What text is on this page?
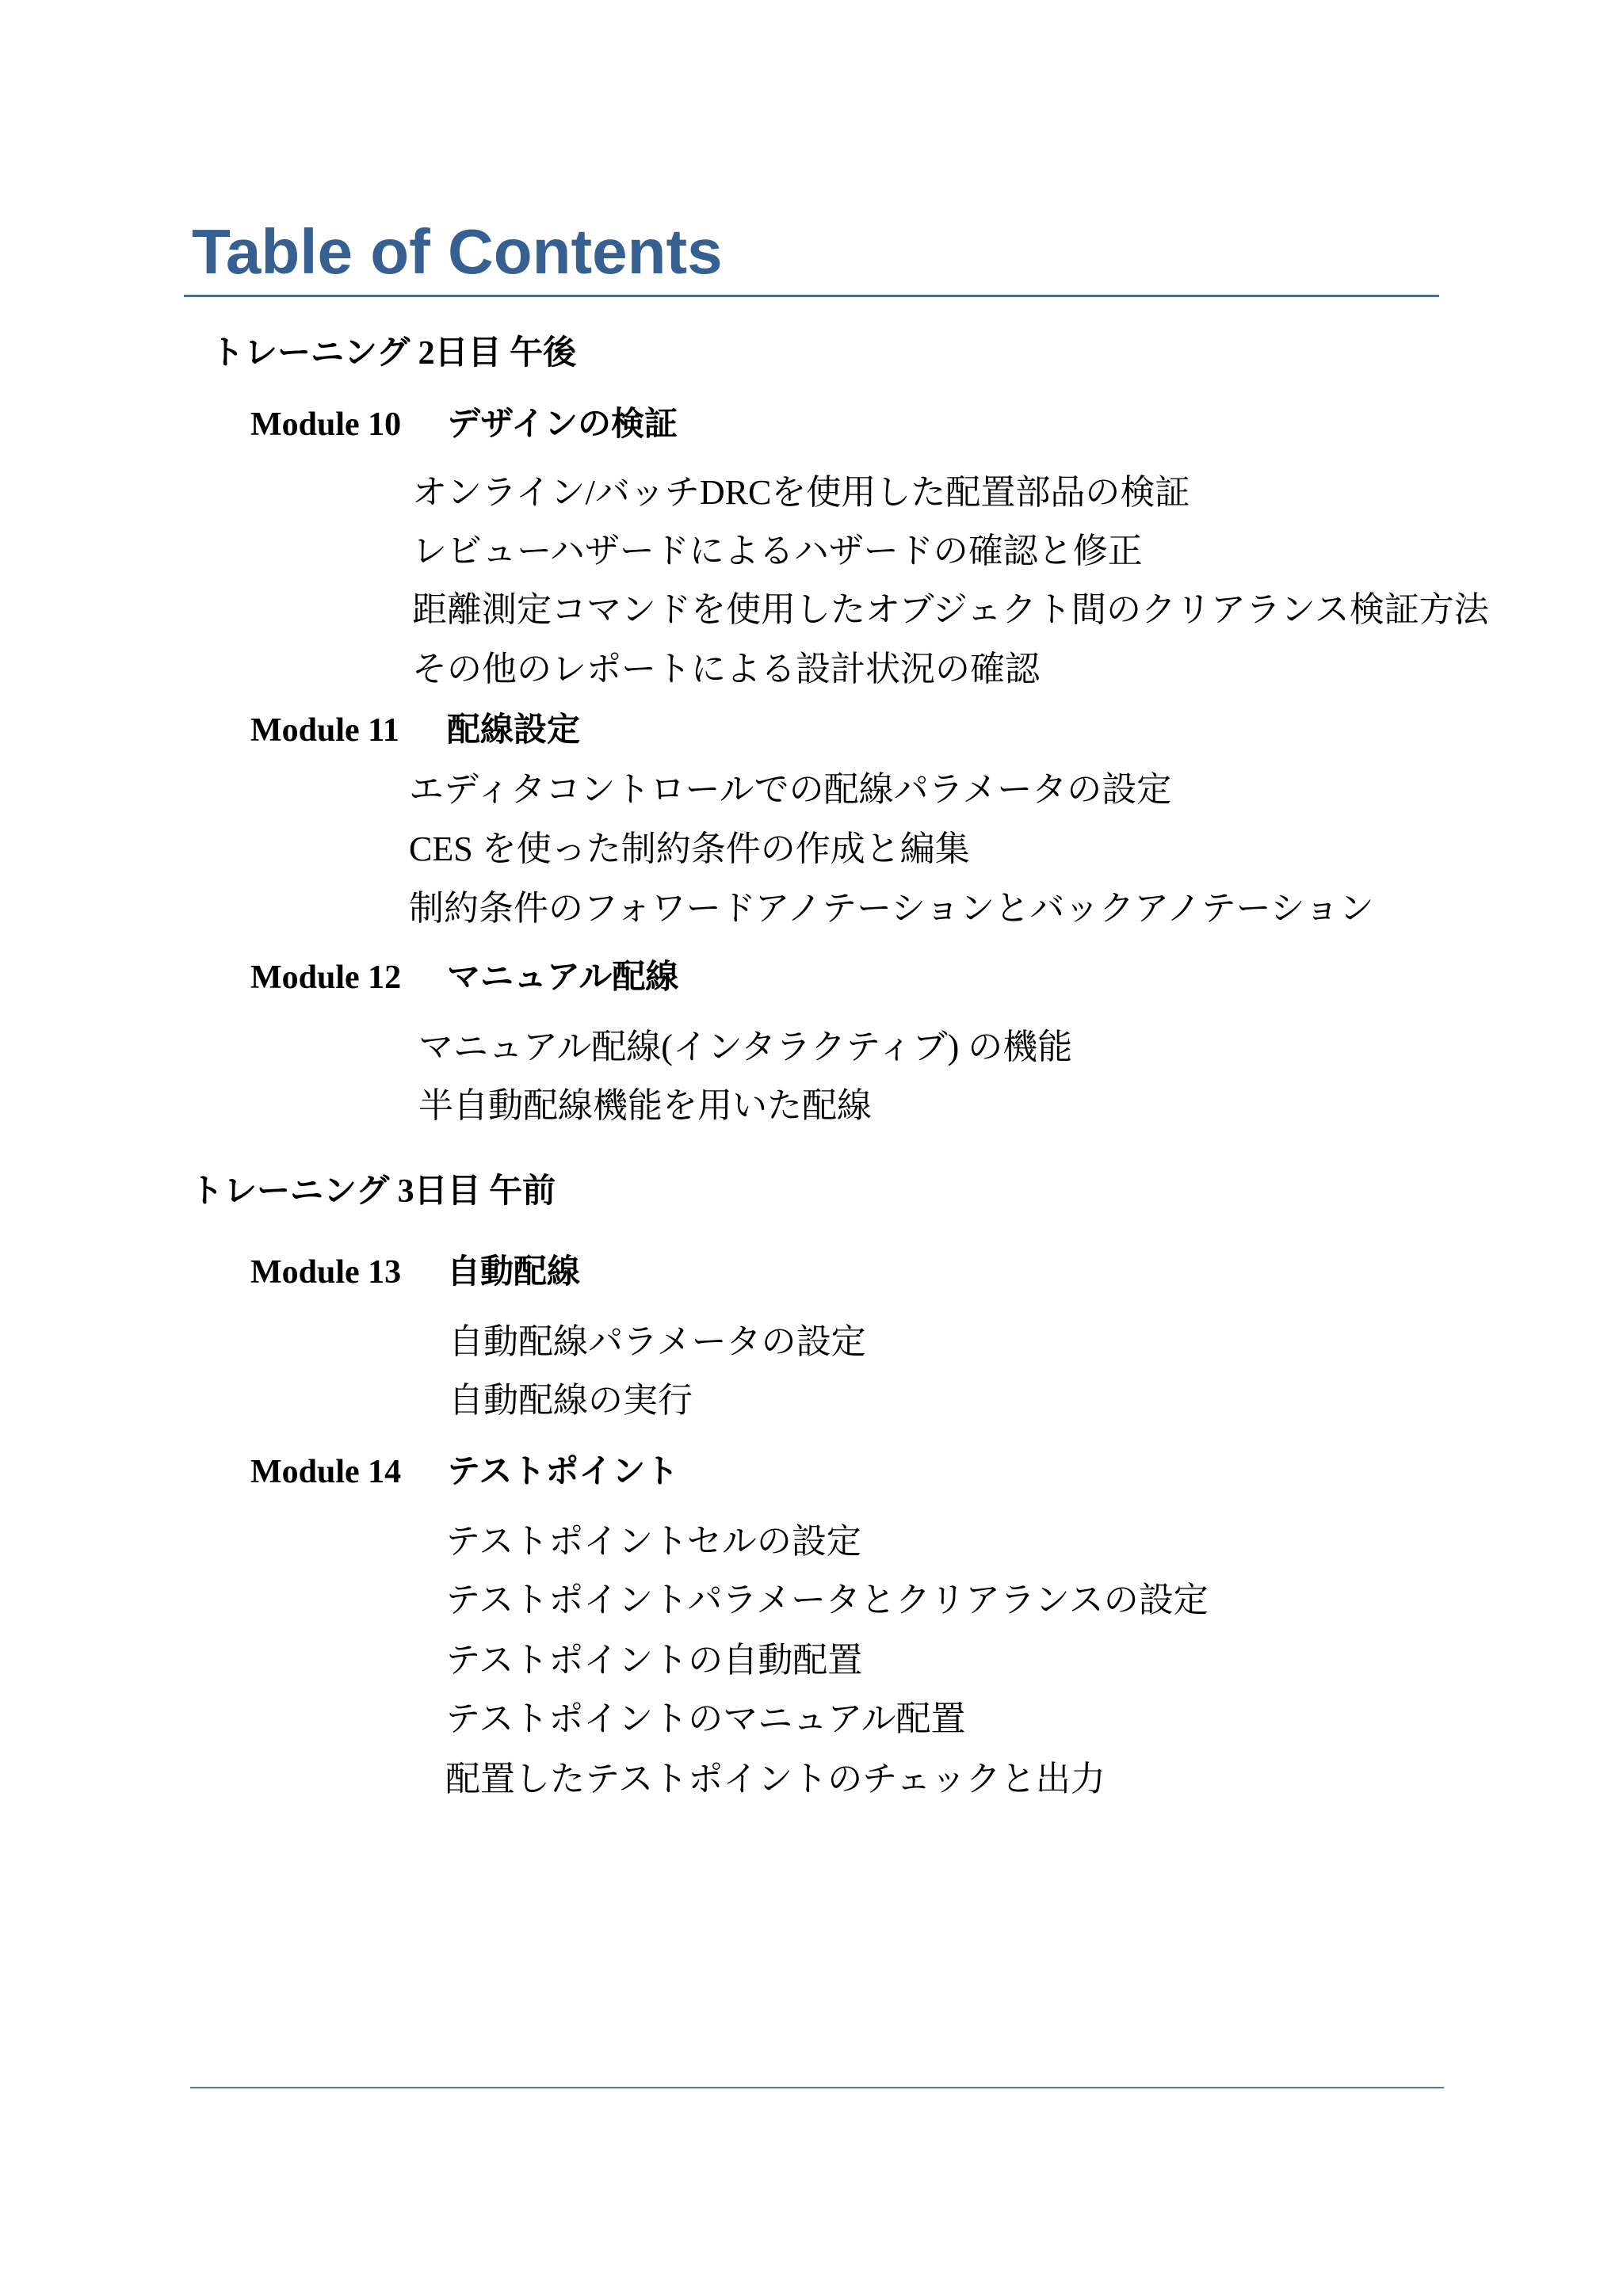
Table of Contents
トレーニング 2日目 午後
Module 10 デザインの検証
オンライン/バッチDRCを使用した配置部品の検証
レビューハザードによるハザードの確認と修正
距離測定コマンドを使用したオブジェクト間のクリアランス検証方法
その他のレポートによる設計状況の確認
Module 11 配線設定
エディタコントロールでの配線パラメータの設定
CES を使った制約条件の作成と編集
制約条件のフォワードアノテーションとバックアノテーション
Module 12 マニュアル配線
マニュアル配線(インタラクティブ) の機能
半自動配線機能を用いた配線
トレーニング 3日目 午前
Module 13 自動配線
自動配線パラメータの設定
自動配線の実行
Module 14 テストポイント
テストポイントセルの設定
テストポイントパラメータとクリアランスの設定
テストポイントの自動配置
テストポイントのマニュアル配置
配置したテストポイントのチェックと出力
